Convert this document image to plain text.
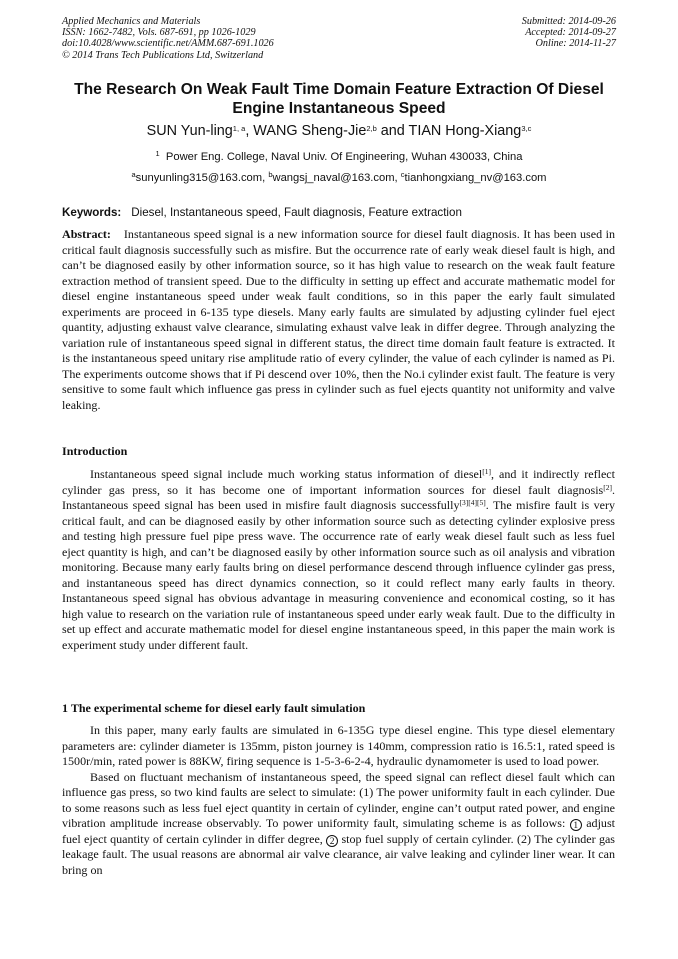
Applied Mechanics and Materials
ISSN: 1662-7482, Vols. 687-691, pp 1026-1029
doi:10.4028/www.scientific.net/AMM.687-691.1026
© 2014 Trans Tech Publications Ltd, Switzerland
Submitted: 2014-09-26
Accepted: 2014-09-27
Online: 2014-11-27
The Research On Weak Fault Time Domain Feature Extraction Of Diesel
Engine Instantaneous Speed
SUN Yun-ling$^{1, a}$, WANG Sheng-Jie$^{2,b}$ and TIAN Hong-Xiang$^{3,c}$
$^1$ Power Eng. College, Naval Univ. Of Engineering, Wuhan 430033, China
$^a$sunyunling315@163.com, $^b$wangsj_naval@163.com, $^c$tianhongxiang_nv@163.com
Keywords: Diesel, Instantaneous speed, Fault diagnosis, Feature extraction

Abstract: Instantaneous speed signal is a new information source for diesel fault diagnosis. It has been used in critical fault diagnosis successfully such as misfire. But the occurrence rate of early weak diesel fault is high, and can’t be diagnosed easily by other information source, so it has high value to research on the weak fault feature extraction method of transient speed. Due to the difficulty in setting up effect and accurate mathematic model for diesel engine instantaneous speed under weak fault conditions, so in this paper the early fault simulated experiments are proceed in 6-135 type diesels. Many early faults are simulated by adjusting cylinder fuel eject quantity, adjusting exhaust valve clearance, simulating exhaust valve leak in differ degree. Through analyzing the variation rule of instantaneous speed signal in different status, the direct time domain fault feature is extracted. It is the instantaneous speed unitary rise amplitude ratio of every cylinder, the value of each cylinder is named as Pi. The experiments outcome shows that if Pi descend over 10%, then the No.i cylinder exist fault. The feature is very sensitive to some fault which influence gas press in cylinder such as fuel ejects quantity not uniformity and valve leaking.

Introduction

Instantaneous speed signal include much working status information of diesel[1], and it indirectly reflect cylinder gas press, so it has become one of important information sources for diesel fault diagnosis[2]. Instantaneous speed signal has been used in misfire fault diagnosis successfully[3][4][5]. The misfire fault is very critical fault, and can be diagnosed easily by other information source such as detecting cylinder explosive press and testing high pressure fuel pipe press wave. The occurrence rate of early weak diesel fault such as less fuel eject quantity is high, and can’t be diagnosed easily by other information source such as oil analysis and vibration monitoring. Because many early faults bring on diesel performance descend through influence cylinder gas press, and instantaneous speed has direct dynamics connection, so it could reflect many early faults in theory. Instantaneous speed signal has obvious advantage in measuring convenience and economical costing, so it has high value to research on the variation rule of instantaneous speed under early weak fault. Due to the difficulty in set up effect and accurate mathematic model for diesel engine instantaneous speed, in this paper the main work is experiment study under different fault.

1 The experimental scheme for diesel early fault simulation

In this paper, many early faults are simulated in 6-135G type diesel engine. This type diesel elementary parameters are: cylinder diameter is 135mm, piston journey is 140mm, compression ratio is 16.5:1, rated speed is 1500r/min, rated power is 88KW, firing sequence is 1-5-3-6-2-4, hydraulic dynamometer is used to load power.

Based on fluctuant mechanism of instantaneous speed, the speed signal can reflect diesel fault which can influence gas press, so two kind faults are select to simulate: (1) The power uniformity fault in each cylinder. Due to some reasons such as less fuel eject quantity in certain of cylinder, engine can’t output rated power, and engine vibration amplitude increase observably. To power uniformity fault, simulating scheme is as follows: 1 adjust fuel eject quantity of certain cylinder in differ degree, 2 stop fuel supply of certain cylinder. (2) The cylinder gas leakage fault. The usual reasons are abnormal air valve clearance, air valve leaking and cylinder liner wear. It can bring on
